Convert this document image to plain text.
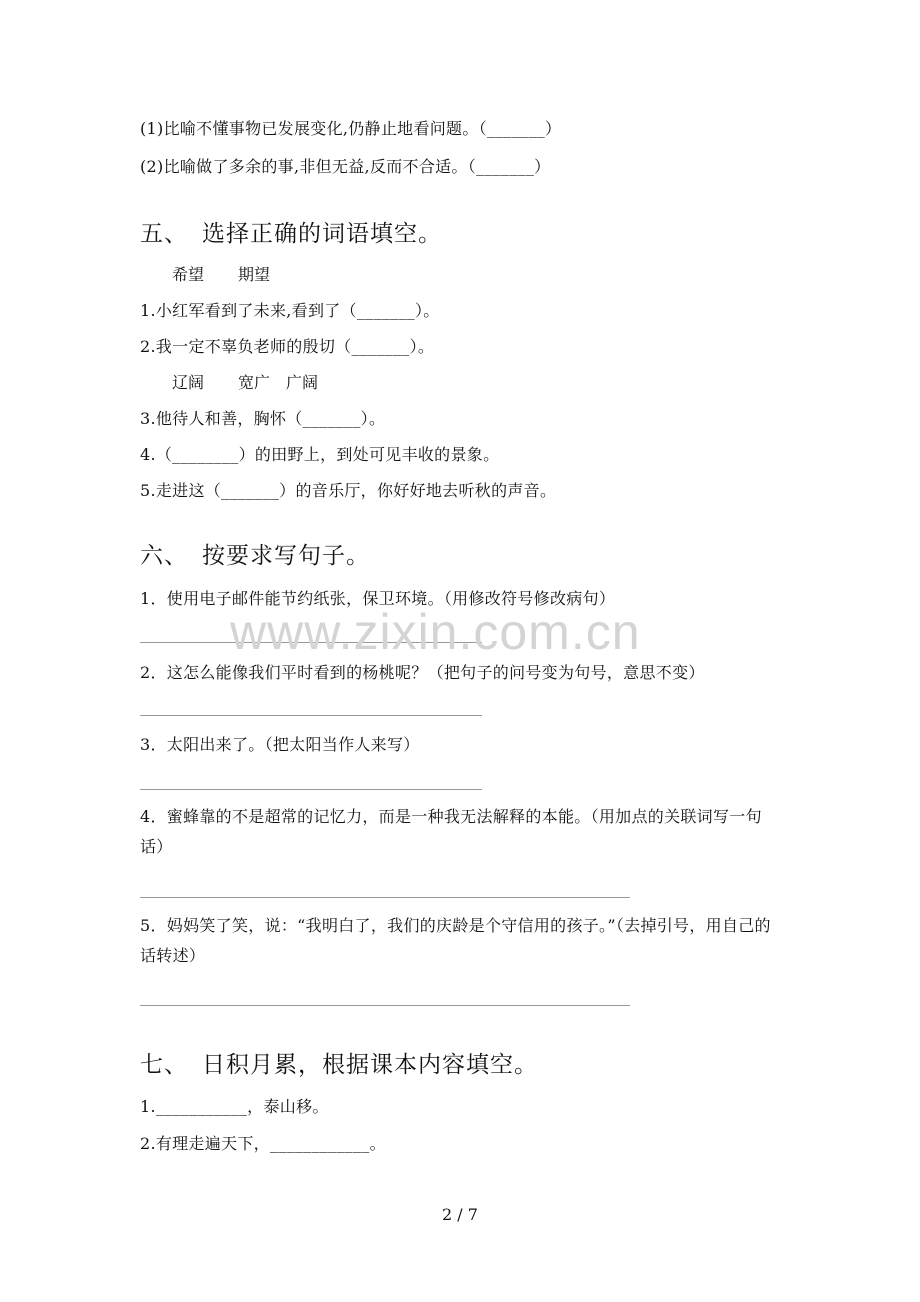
(1)比喻不懂事物已发展变化,仍静止地看问题。（_______）
(2)比喻做了多余的事,非但无益,反而不合适。（_______）
五、 选择正确的词语填空。
希望 期望
1.小红军看到了未来,看到了（_______）。
2.我一定不辜负老师的殷切（_______）。
辽阔 宽广 广阔
3.他待人和善，胸怀（_______）。
4.（________）的田野上，到处可见丰收的景象。
5.走进这（_______）的音乐厅，你好好地去听秋的声音。
六、 按要求写句子。
1．使用电子邮件能节约纸张，保卫环境。（用修改符号修改病句）
2．这怎么能像我们平时看到的杨桃呢？（把句子的问号变为句号，意思不变）
3．太阳出来了。（把太阳当作人来写）
4．蜜蜂靠的不是超常的记忆力，而是一种我无法解释的本能。（用加点的关联词写一句话）
5．妈妈笑了笑，说：“我明白了，我们的庆龄是个守信用的孩子。”（去掉引号，用自己的话转述）
七、 日积月累，根据课本内容填空。
1.___________，泰山移。
2.有理走遍天下，____________。
www.zixin.com.cn
2 / 7
